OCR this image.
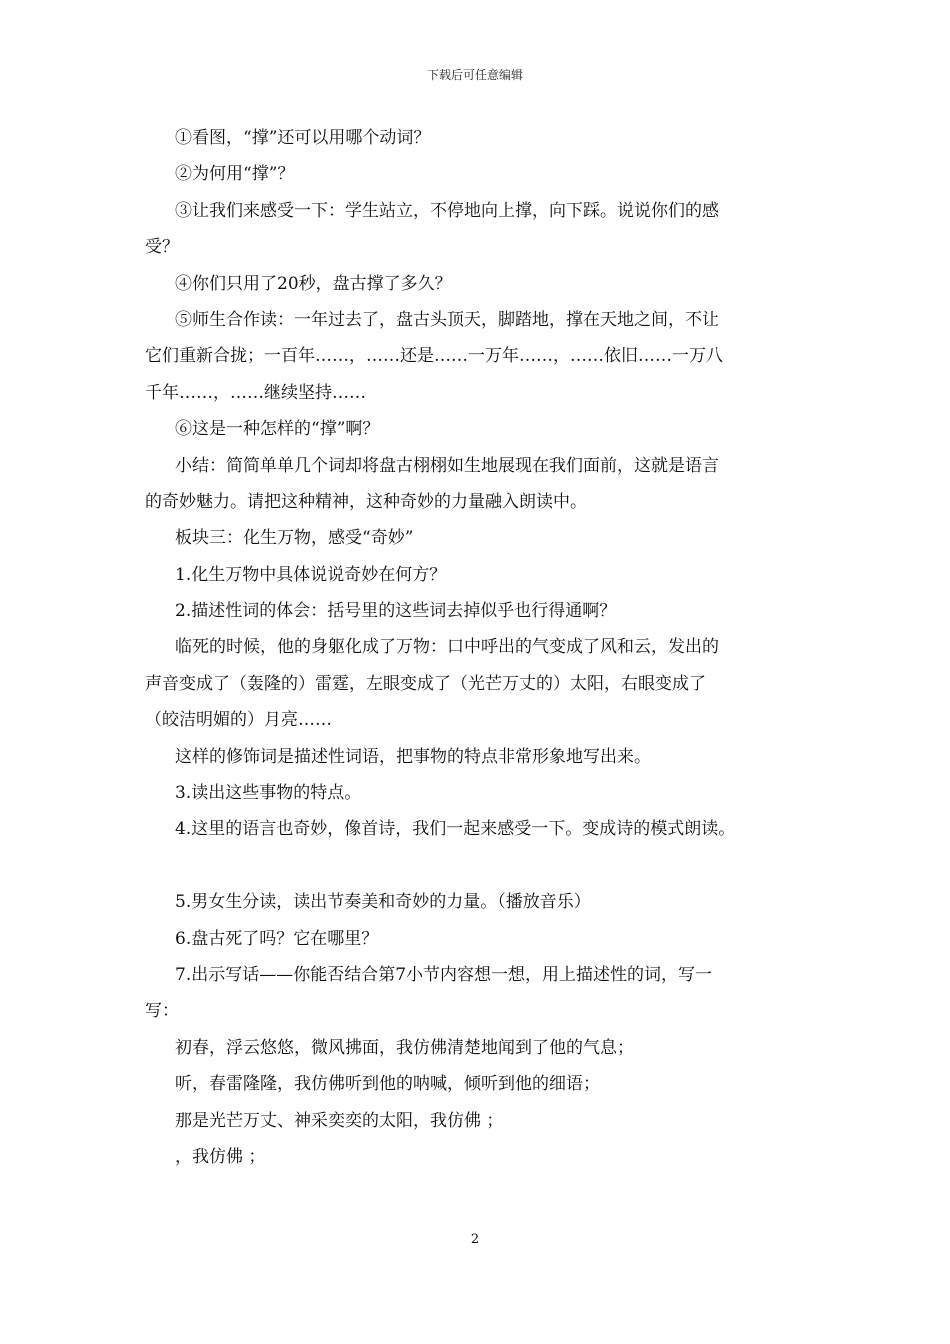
下载后可任意编辑
①看图，“撑”还可以用哪个动词？
②为何用“撑”？
③让我们来感受一下：学生站立，不停地向上撑，向下踩。说说你们的感
受？
④你们只用了20秒，盘古撑了多久？
⑤师生合作读：一年过去了，盘古头顶天，脚踏地，撑在天地之间，不让
它们重新合拢；一百年……，……还是……一万年……，……依旧……一万八
千年……，……继续坚持……
⑥这是一种怎样的“撑”啊？
小结：简简单单几个词却将盘古栩栩如生地展现在我们面前，这就是语言
的奇妙魅力。请把这种精神，这种奇妙的力量融入朗读中。
板块三：化生万物，感受“奇妙”
1.化生万物中具体说说奇妙在何方？
2.描述性词的体会：括号里的这些词去掉似乎也行得通啊？
临死的时候，他的身躯化成了万物：口中呼出的气变成了风和云，发出的
声音变成了（轰隆的）雷霆，左眼变成了（光芒万丈的）太阳，右眼变成了
（皎洁明媚的）月亮……
这样的修饰词是描述性词语，把事物的特点非常形象地写出来。
3.读出这些事物的特点。
4.这里的语言也奇妙，像首诗，我们一起来感受一下。变成诗的模式朗读。
5.男女生分读，读出节奏美和奇妙的力量。（播放音乐）
6.盘古死了吗？它在哪里？
7.出示写话——你能否结合第7小节内容想一想，用上描述性的词，写一
写：
初春，浮云悠悠，微风拂面，我仿佛清楚地闻到了他的气息；
听，春雷隆隆，我仿佛听到他的呐喊，倾听到他的细语；
那是光芒万丈、神采奕奕的太阳，我仿佛 ；
，我仿佛 ；
2
